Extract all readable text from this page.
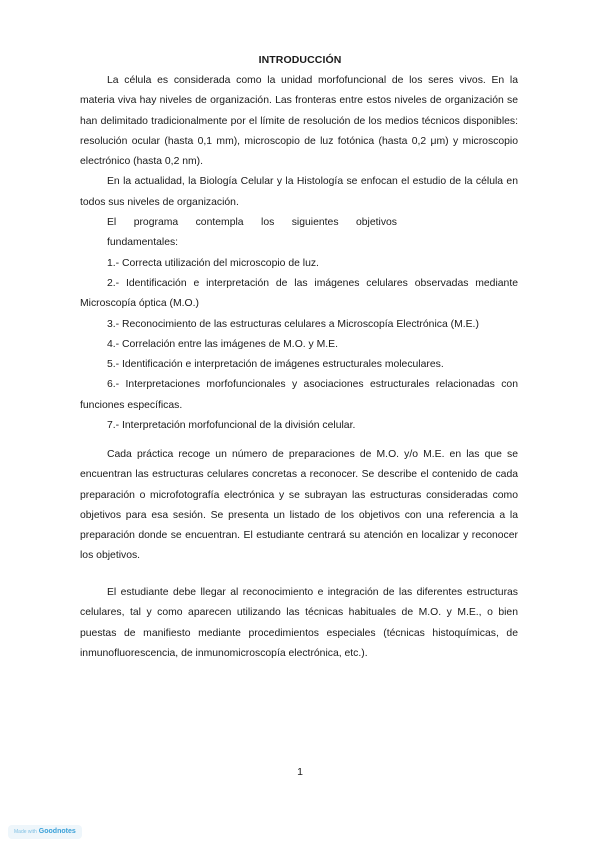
INTRODUCCIÓN

La célula es considerada como la unidad morfofuncional de los seres vivos. En la materia viva hay niveles de organización. Las fronteras entre estos niveles de organización se han delimitado tradicionalmente por el límite de resolución de los medios técnicos disponibles: resolución ocular (hasta 0,1 mm), microscopio de luz fotónica (hasta 0,2 μm) y microscopio electrónico (hasta 0,2 nm).

En la actualidad, la Biología Celular y la Histología se enfocan el estudio de la célula en todos sus niveles de organización.

El programa contempla los siguientes objetivos

fundamentales:

1.- Correcta utilización del microscopio de luz.

2.- Identificación e interpretación de las imágenes celulares observadas mediante Microscopía óptica (M.O.)

3.- Reconocimiento de las estructuras celulares a Microscopía Electrónica (M.E.)

4.- Correlación entre las imágenes de M.O. y M.E.

5.- Identificación e interpretación de imágenes estructurales moleculares.

6.- Interpretaciones morfofuncionales y asociaciones estructurales relacionadas con funciones específicas.

7.- Interpretación morfofuncional de la división celular.

Cada práctica recoge un número de preparaciones de M.O. y/o M.E. en las que se encuentran las estructuras celulares concretas a reconocer. Se describe el contenido de cada preparación o microfotografía electrónica y se subrayan las estructuras consideradas como objetivos para esa sesión. Se presenta un listado de los objetivos con una referencia a la preparación donde se encuentran. El estudiante centrará su atención en localizar y reconocer los objetivos.

El estudiante debe llegar al reconocimiento e integración de las diferentes estructuras celulares, tal y como aparecen utilizando las técnicas habituales de M.O. y M.E., o bien puestas de manifiesto mediante procedimientos especiales (técnicas histoquímicas, de inmunofluorescencia, de inmunomicroscopía electrónica, etc.).

1
Made with Goodnotes
